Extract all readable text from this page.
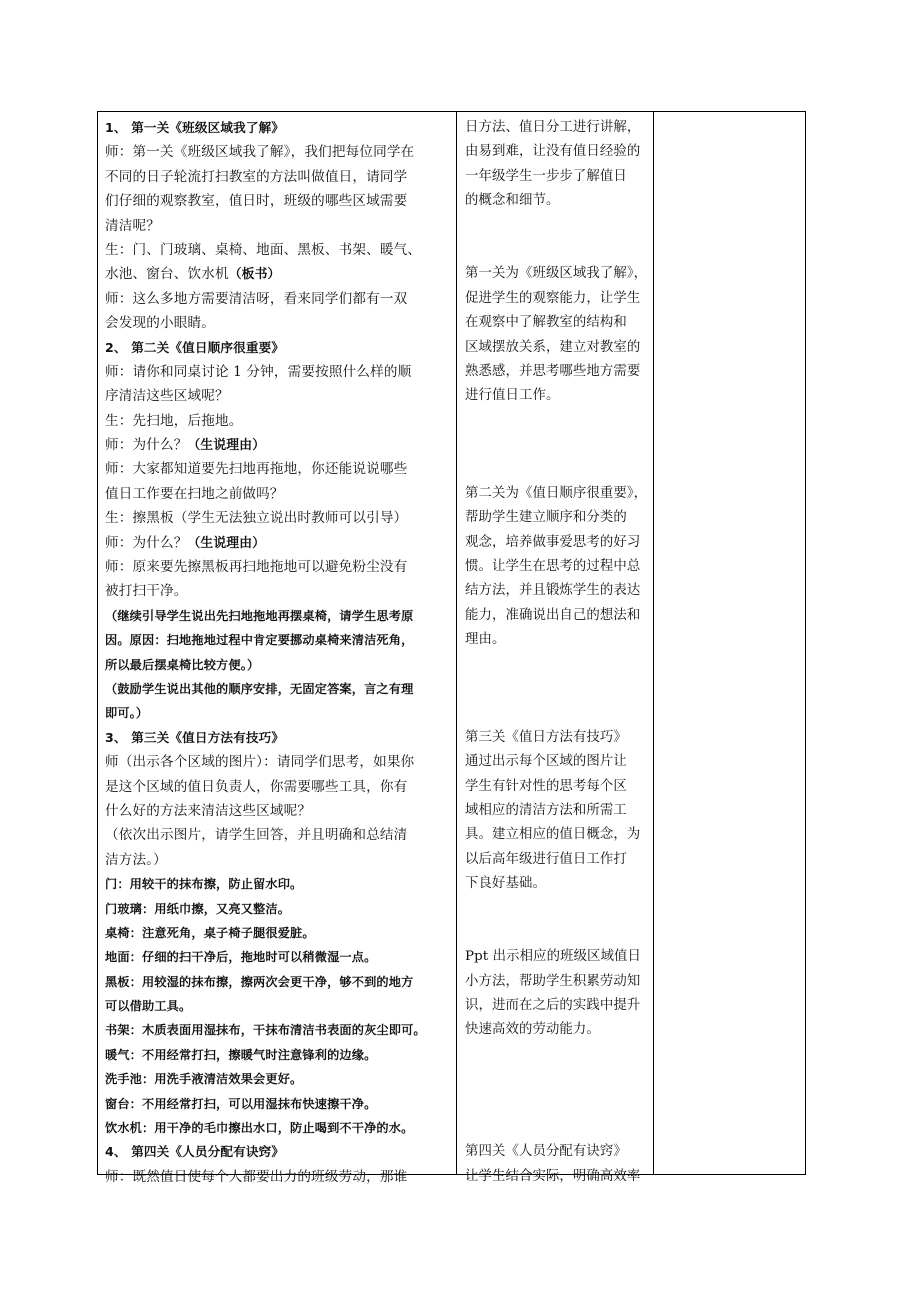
1、 第一关《班级区域我了解》
师：第一关《班级区域我了解》，我们把每位同学在
不同的日子轮流打扫教室的方法叫做值日，请同学
们仔细的观察教室，值日时，班级的哪些区域需要
清洁呢？
生：门、门玻璃、桌椅、地面、黑板、书架、暖气、
水池、窗台、饮水机（板书）
师：这么多地方需要清洁呀，看来同学们都有一双
会发现的小眼睛。
2、 第二关《值日顺序很重要》
师：请你和同桌讨论 1 分钟，需要按照什么样的顺
序清洁这些区域呢？
生：先扫地，后拖地。
师：为什么？（生说理由）
师：大家都知道要先扫地再拖地，你还能说说哪些
值日工作要在扫地之前做吗？
生：擦黑板（学生无法独立说出时教师可以引导）
师：为什么？（生说理由）
师：原来要先擦黑板再扫地拖地可以避免粉尘没有
被打扫干净。
（继续引导学生说出先扫地拖地再摆桌椅，请学生思考原
因。原因：扫地拖地过程中肯定要挪动桌椅来清洁死角，
所以最后摆桌椅比较方便。）
（鼓励学生说出其他的顺序安排，无固定答案，言之有理
即可。）
3、 第三关《值日方法有技巧》
师（出示各个区域的图片）：请同学们思考，如果你
是这个区域的值日负责人，你需要哪些工具，你有
什么好的方法来清洁这些区域呢？
（依次出示图片，请学生回答，并且明确和总结清
洁方法。）
门：用较干的抹布擦，防止留水印。
门玻璃：用纸巾擦，又亮又整洁。
桌椅：注意死角，桌子椅子腿很爱脏。
地面：仔细的扫干净后，拖地时可以稍微湿一点。
黑板：用较湿的抹布擦，擦两次会更干净，够不到的地方
可以借助工具。
书架：木质表面用湿抹布，干抹布清洁书表面的灰尘即可。
暖气：不用经常打扫，擦暖气时注意锋利的边缘。
洗手池：用洗手液清洁效果会更好。
窗台：不用经常打扫，可以用湿抹布快速擦干净。
饮水机：用干净的毛巾擦出水口，防止喝到不干净的水。
4、 第四关《人员分配有诀窍》
师：既然值日使每个人都要出力的班级劳动，那谁
日方法、值日分工进行讲解，
由易到难，让没有值日经验的
一年级学生一步步了解值日
的概念和细节。
第一关为《班级区域我了解》，
促进学生的观察能力，让学生
在观察中了解教室的结构和
区域摆放关系，建立对教室的
熟悉感，并思考哪些地方需要
进行值日工作。
第二关为《值日顺序很重要》，
帮助学生建立顺序和分类的
观念，培养做事爱思考的好习
惯。让学生在思考的过程中总
结方法，并且锻炼学生的表达
能力，准确说出自己的想法和
理由。
第三关《值日方法有技巧》
通过出示每个区域的图片让
学生有针对性的思考每个区
域相应的清洁方法和所需工
具。建立相应的值日概念，为
以后高年级进行值日工作打
下良好基础。
Ppt 出示相应的班级区域值日
小方法，帮助学生积累劳动知
识，进而在之后的实践中提升
快速高效的劳动能力。
第四关《人员分配有诀窍》
让学生结合实际，明确高效率
